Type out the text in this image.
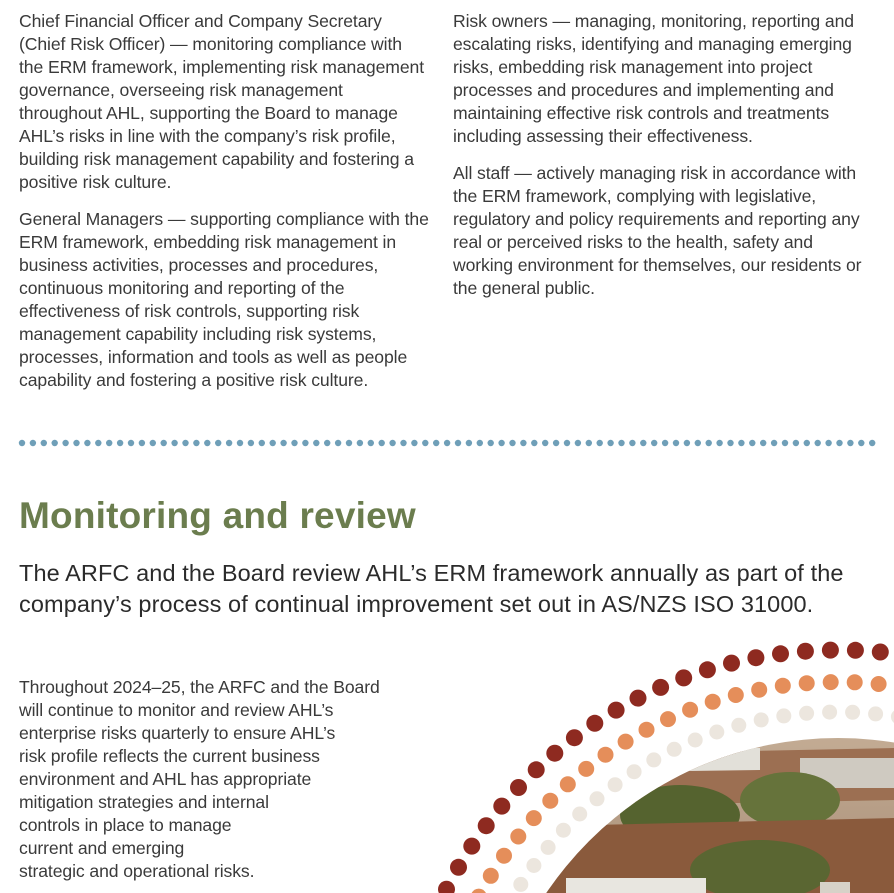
Chief Financial Officer and Company Secretary (Chief Risk Officer) — monitoring compliance with the ERM framework, implementing risk management governance, overseeing risk management throughout AHL, supporting the Board to manage AHL’s risks in line with the company’s risk profile, building risk management capability and fostering a positive risk culture.

General Managers — supporting compliance with the ERM framework, embedding risk management in business activities, processes and procedures, continuous monitoring and reporting of the effectiveness of risk controls, supporting risk management capability including risk systems, processes, information and tools as well as people capability and fostering a positive risk culture.

Risk owners — managing, monitoring, reporting and escalating risks, identifying and managing emerging risks, embedding risk management into project processes and procedures and implementing and maintaining effective risk controls and treatments including assessing their effectiveness.

All staff — actively managing risk in accordance with the ERM framework, complying with legislative, regulatory and policy requirements and reporting any real or perceived risks to the health, safety and working environment for themselves, our residents or the general public.

Monitoring and review

The ARFC and the Board review AHL’s ERM framework annually as part of the company’s process of continual improvement set out in AS/NZS ISO 31000.

Throughout 2024–25, the ARFC and the Board
will continue to monitor and review AHL’s
enterprise risks quarterly to ensure AHL’s
risk profile reflects the current business
environment and AHL has appropriate
mitigation strategies and internal
controls in place to manage
current and emerging
strategic and operational risks.
